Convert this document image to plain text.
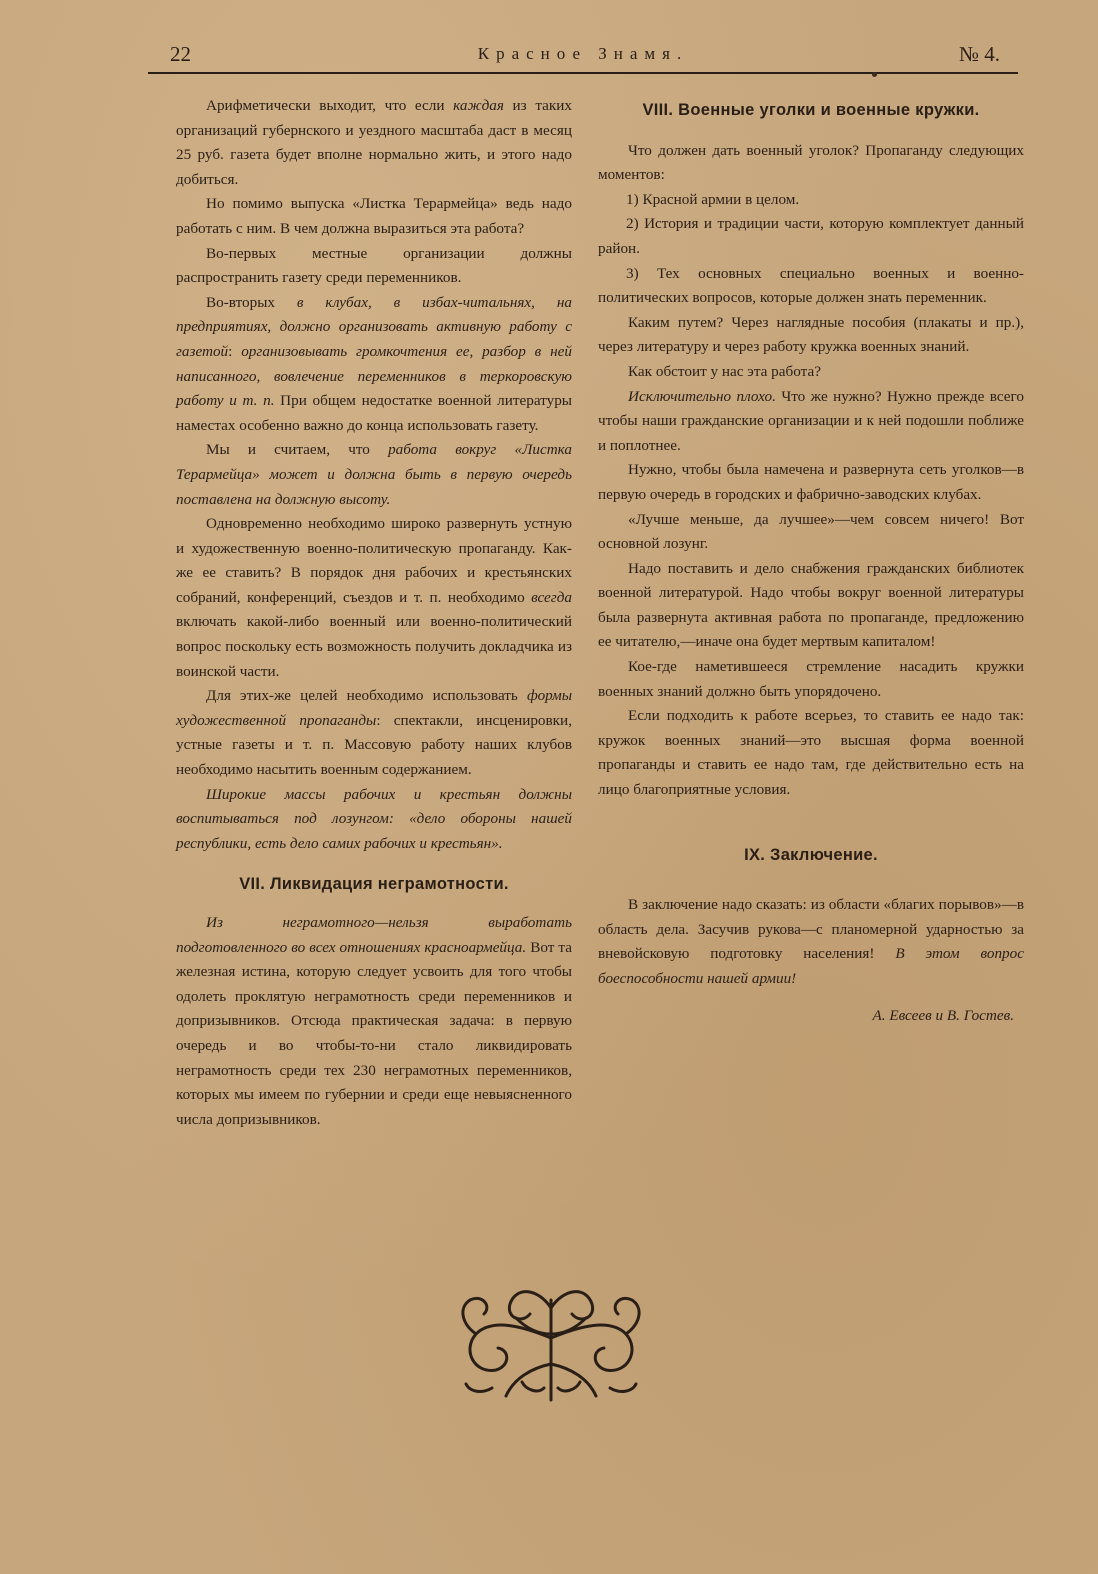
22	Красное Знамя.	№ 4.

Арифметически выходит, что если каждая из таких организаций губернского и уездного масштаба даст в месяц 25 руб. газета будет вполне нормально жить, и этого надо добиться.

Но помимо выпуска «Листка Терармейца» ведь надо работать с ним. В чем должна выразиться эта работа?

Во-первых местные организации должны распространить газету среди переменников.

Во-вторых в клубах, в избах-читальнях, на предприятиях, должно организовать активную работу с газетой: организовывать громкочтения ее, разбор в ней написанного, вовлечение переменников в теркоровскую работу и т. п. При общем недостатке военной литературы наместах особенно важно до конца использовать газету.

Мы и считаем, что работа вокруг «Листка Терармейца» может и должна быть в первую очередь поставлена на должную высоту.

Одновременно необходимо широко развернуть устную и художественную военно-политическую пропаганду. Как-же ее ставить? В порядок дня рабочих и крестьянских собраний, конференций, съездов и т. п. необходимо всегда включать какой-либо военный или военно-политический вопрос поскольку есть возможность получить докладчика из воинской части.

Для этих-же целей необходимо использовать формы художественной пропаганды: спектакли, инсценировки, устные газеты и т. п. Массовую работу наших клубов необходимо насытить военным содержанием.

Широкие массы рабочих и крестьян должны воспитываться под лозунгом: «дело обороны нашей республики, есть дело самих рабочих и крестьян».

VII. Ликвидация неграмотности.

Из неграмотного—нельзя выработать подготовленного во всех отношениях красноармейца. Вот та железная истина, которую следует усвоить для того чтобы одолеть проклятую неграмотность среди переменников и допризывников. Отсюда практическая задача: в первую очередь и во чтобы-то-ни стало ликвидировать неграмотность среди тех 230 неграмотных переменников, которых мы имеем по губернии и среди еще невыясненного числа допризывников.

VIII. Военные уголки и военные кружки.

Что должен дать военный уголок? Пропаганду следующих моментов:

1) Красной армии в целом.

2) История и традиции части, которую комплектует данный район.

3) Тех основных специально военных и военно-политических вопросов, которые должен знать переменник.

Каким путем? Через наглядные пособия (плакаты и пр.), через литературу и через работу кружка военных знаний.

Как обстоит у нас эта работа?

Исключительно плохо. Что же нужно? Нужно прежде всего чтобы наши гражданские организации и к ней подошли поближе и поплотнее.

Нужно, чтобы была намечена и развернута сеть уголков—в первую очередь в городских и фабрично-заводских клубах.

«Лучше меньше, да лучшее»—чем совсем ничего! Вот основной лозунг.

Надо поставить и дело снабжения гражданских библиотек военной литературой. Надо чтобы вокруг военной литературы была развернута активная работа по пропаганде, предложению ее читателю,—иначе она будет мертвым капиталом!

Кое-где наметившееся стремление насадить кружки военных знаний должно быть упорядочено.

Если подходить к работе всерьез, то ставить ее надо так: кружок военных знаний—это высшая форма военной пропаганды и ставить ее надо там, где действительно есть на лицо благоприятные условия.

IX. Заключение.

В заключение надо сказать: из области «благих порывов»—в область дела. Засучив рукова—с планомерной ударностью за вневойсковую подготовку населения! В этом вопрос боеспособности нашей армии!

А. Евсеев и В. Гостев.
